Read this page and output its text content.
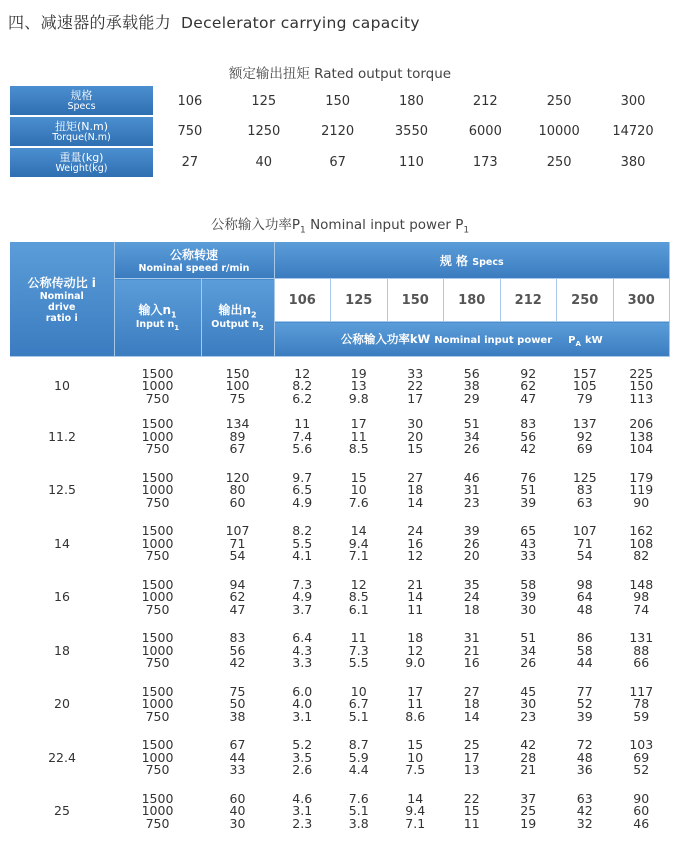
四、减速器的承载能力 Decelerator carrying capacity
额定输出扭矩 Rated output torque
规格
Specs	106	125	150	180	212	250	300
扭矩(N.m)
Torque(N.m)	750	1250	2120	3550	6000	10000	14720
重量(kg)
Weight(kg)	27	40	67	110	173	250	380
公称输入功率$P_1$ Nominal input power $P_1$
公称传动比 i
Nominal
drive
ratio i	公称转速
Nominal speed r/min		规 格 Specs						

	输入$n_1$
Input $n_1$	输出$n_2$
Output $n_2$	106	125	150	180	212	250	300
			公称输入功率kW Nominal input power $P_A$ kW						
10	1500
1000
750	150
100
75	12
8.2
6.2	19
13
9.8	33
22
17	56
38
29	92
62
47	157
105
79	225
150
113

11.2	1500
1000
750	134
89
67	11
7.4
5.6	17
11
8.5	30
20
15	51
34
26	83
56
42	137
92
69	206
138
104

12.5	1500
1000
750	120
80
60	9.7
6.5
4.9	15
10
7.6	27
18
14	46
31
23	76
51
39	125
83
63	179
119
90

14	1500
1000
750	107
71
54	8.2
5.5
4.1	14
9.4
7.1	24
16
12	39
26
20	65
43
33	107
71
54	162
108
82

16	1500
1000
750	94
62
47	7.3
4.9
3.7	12
8.5
6.1	21
14
11	35
24
18	58
39
30	98
64
48	148
98
74

18	1500
1000
750	83
56
42	6.4
4.3
3.3	11
7.3
5.5	18
12
9.0	31
21
16	51
34
26	86
58
44	131
88
66

20	1500
1000
750	75
50
38	6.0
4.0
3.1	10
6.7
5.1	17
11
8.6	27
18
14	45
30
23	77
52
39	117
78
59

22.4	1500
1000
750	67
44
33	5.2
3.5
2.6	8.7
5.9
4.4	15
10
7.5	25
17
13	42
28
21	72
48
36	103
69
52

25	1500
1000
750	60
40
30	4.6
3.1
2.3	7.6
5.1
3.8	14
9.4
7.1	22
15
11	37
25
19	63
42
32	90
60
46
